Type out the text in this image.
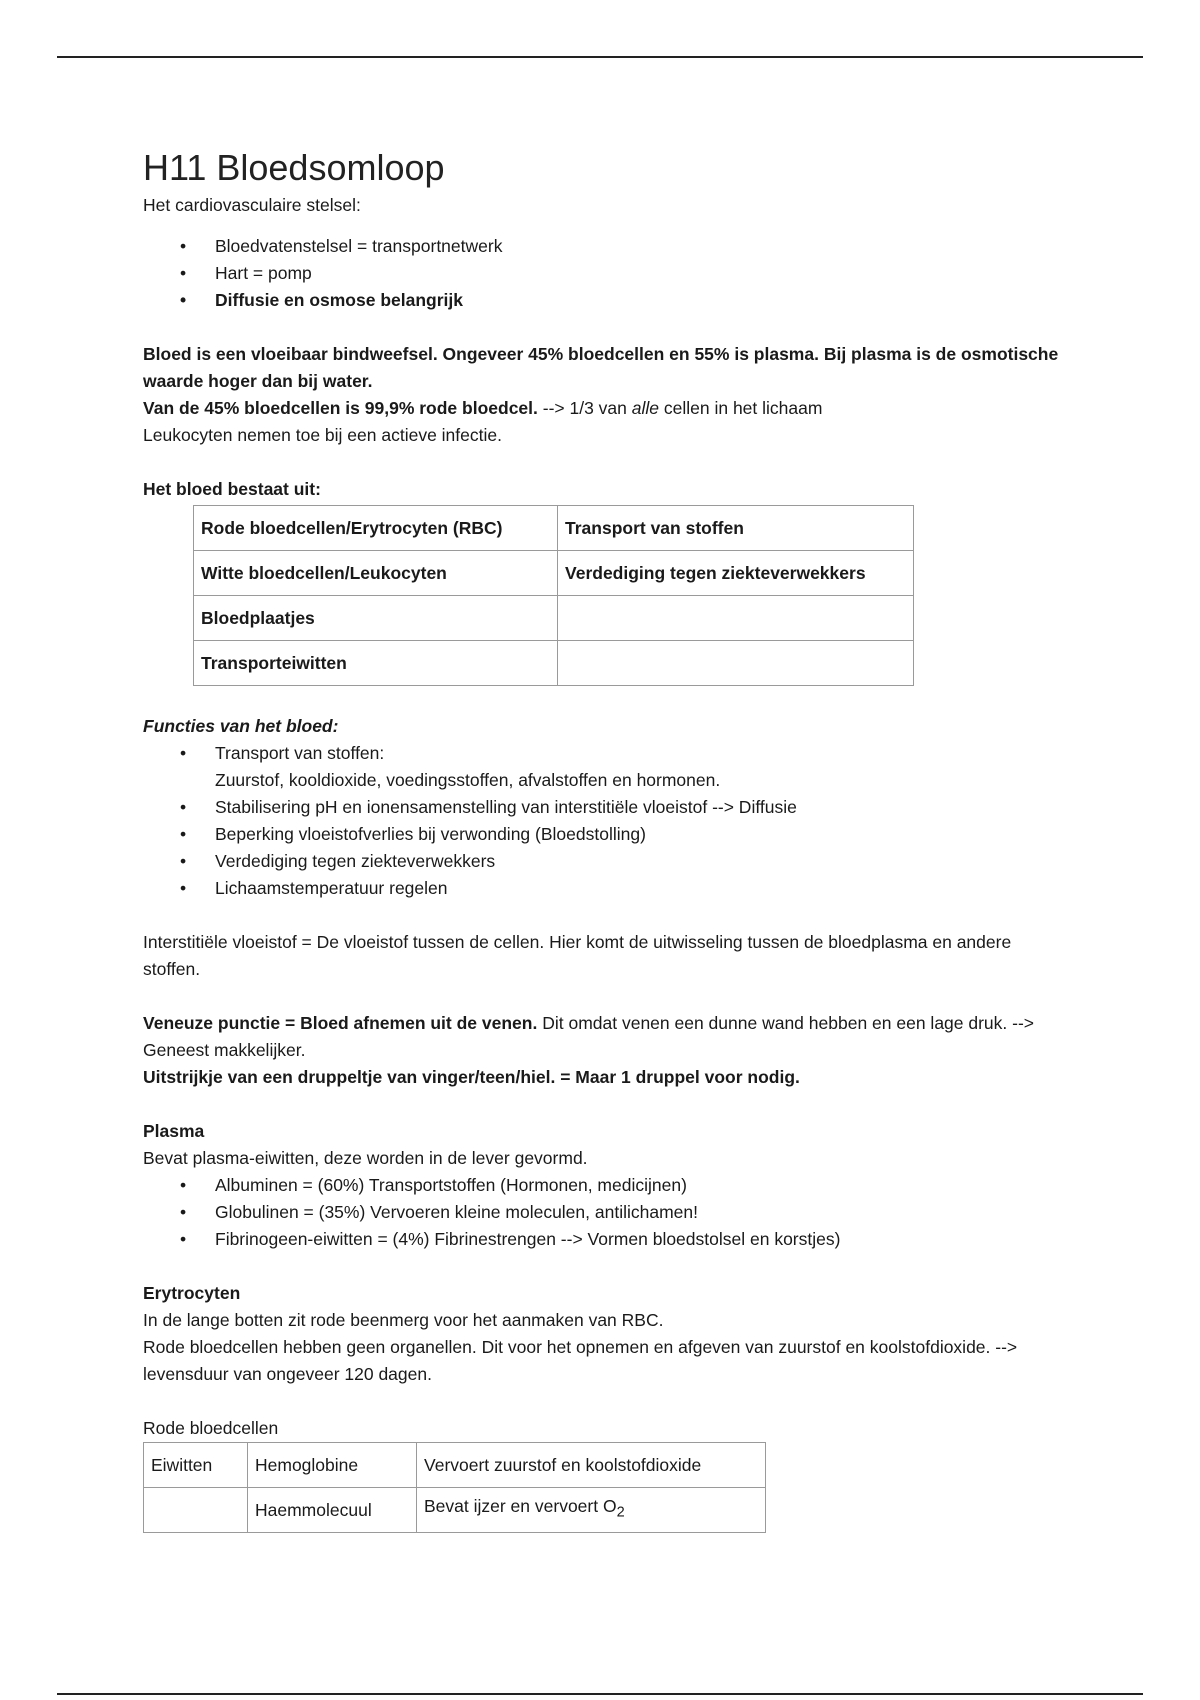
H11 Bloedsomloop

Het cardiovasculaire stelsel:

• Bloedvatenstelsel = transportnetwerk
• Hart = pomp
• Diffusie en osmose belangrijk

Bloed is een vloeibaar bindweefsel. Ongeveer 45% bloedcellen en 55% is plasma. Bij plasma is de osmotische waarde hoger dan bij water.

Van de 45% bloedcellen is 99,9% rode bloedcel. --> 1/3 van alle cellen in het lichaam

Leukocyten nemen toe bij een actieve infectie.

Het bloed bestaat uit:

Rode bloedcellen/Erytrocyten (RBC)	Transport van stoffen
Witte bloedcellen/Leukocyten	Verdediging tegen ziekteverwekkers
Bloedplaatjes	
Transporteiwitten	

Functies van het bloed:

• Transport van stoffen:
Zuurstof, kooldioxide, voedingsstoffen, afvalstoffen en hormonen.
• Stabilisering pH en ionensamenstelling van interstitiële vloeistof --> Diffusie
• Beperking vloeistofverlies bij verwonding (Bloedstolling)
• Verdediging tegen ziekteverwekkers
• Lichaamstemperatuur regelen

Interstitiële vloeistof = De vloeistof tussen de cellen. Hier komt de uitwisseling tussen de bloedplasma en andere stoffen.

Veneuze punctie = Bloed afnemen uit de venen. Dit omdat venen een dunne wand hebben en een lage druk. --> Geneest makkelijker.

Uitstrijkje van een druppeltje van vinger/teen/hiel. = Maar 1 druppel voor nodig.

Plasma

Bevat plasma-eiwitten, deze worden in de lever gevormd.

• Albuminen = (60%) Transportstoffen (Hormonen, medicijnen)
• Globulinen = (35%) Vervoeren kleine moleculen, antilichamen!
• Fibrinogeen-eiwitten = (4%) Fibrinestrengen --> Vormen bloedstolsel en korstjes)

Erytrocyten

In de lange botten zit rode beenmerg voor het aanmaken van RBC.

Rode bloedcellen hebben geen organellen. Dit voor het opnemen en afgeven van zuurstof en koolstofdioxide. --> levensduur van ongeveer 120 dagen.

Rode bloedcellen

Eiwitten	Hemoglobine	Vervoert zuurstof en koolstofdioxide
	Haemmolecuul	Bevat ijzer en vervoert $O_2$
